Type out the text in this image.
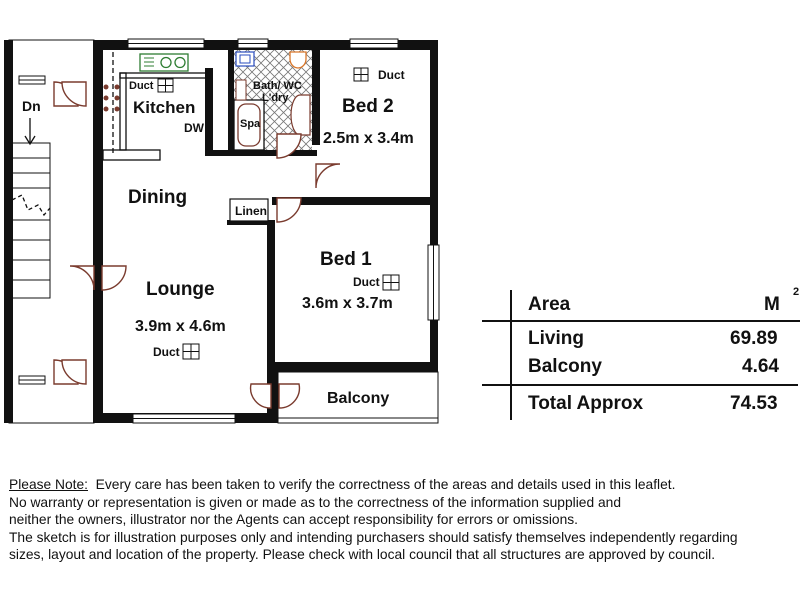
Dn	Kitchen
Duct
DW
Bath/ WC
L'dry
Spa
Duct
Bed 2
2.5m x 3.4m
Dining
Linen
Bed 1
Duct
3.6m x 3.7m
Lounge
3.9m x 4.6m
Duct
Balcony
Area	M
2
Living	69.89
Balcony	4.64
Total Approx	74.53
Please Note: Every care has been taken to verify the correctness of the areas and details used in this leaflet.
No warranty or representation is given or made as to the correctness of the information supplied and
neither the owners, illustrator nor the Agents can accept responsibility for errors or omissions.
The sketch is for illustration purposes only and intending purchasers should satisfy themselves independently regarding
sizes, layout and location of the property. Please check with local council that all structures are approved by council.
